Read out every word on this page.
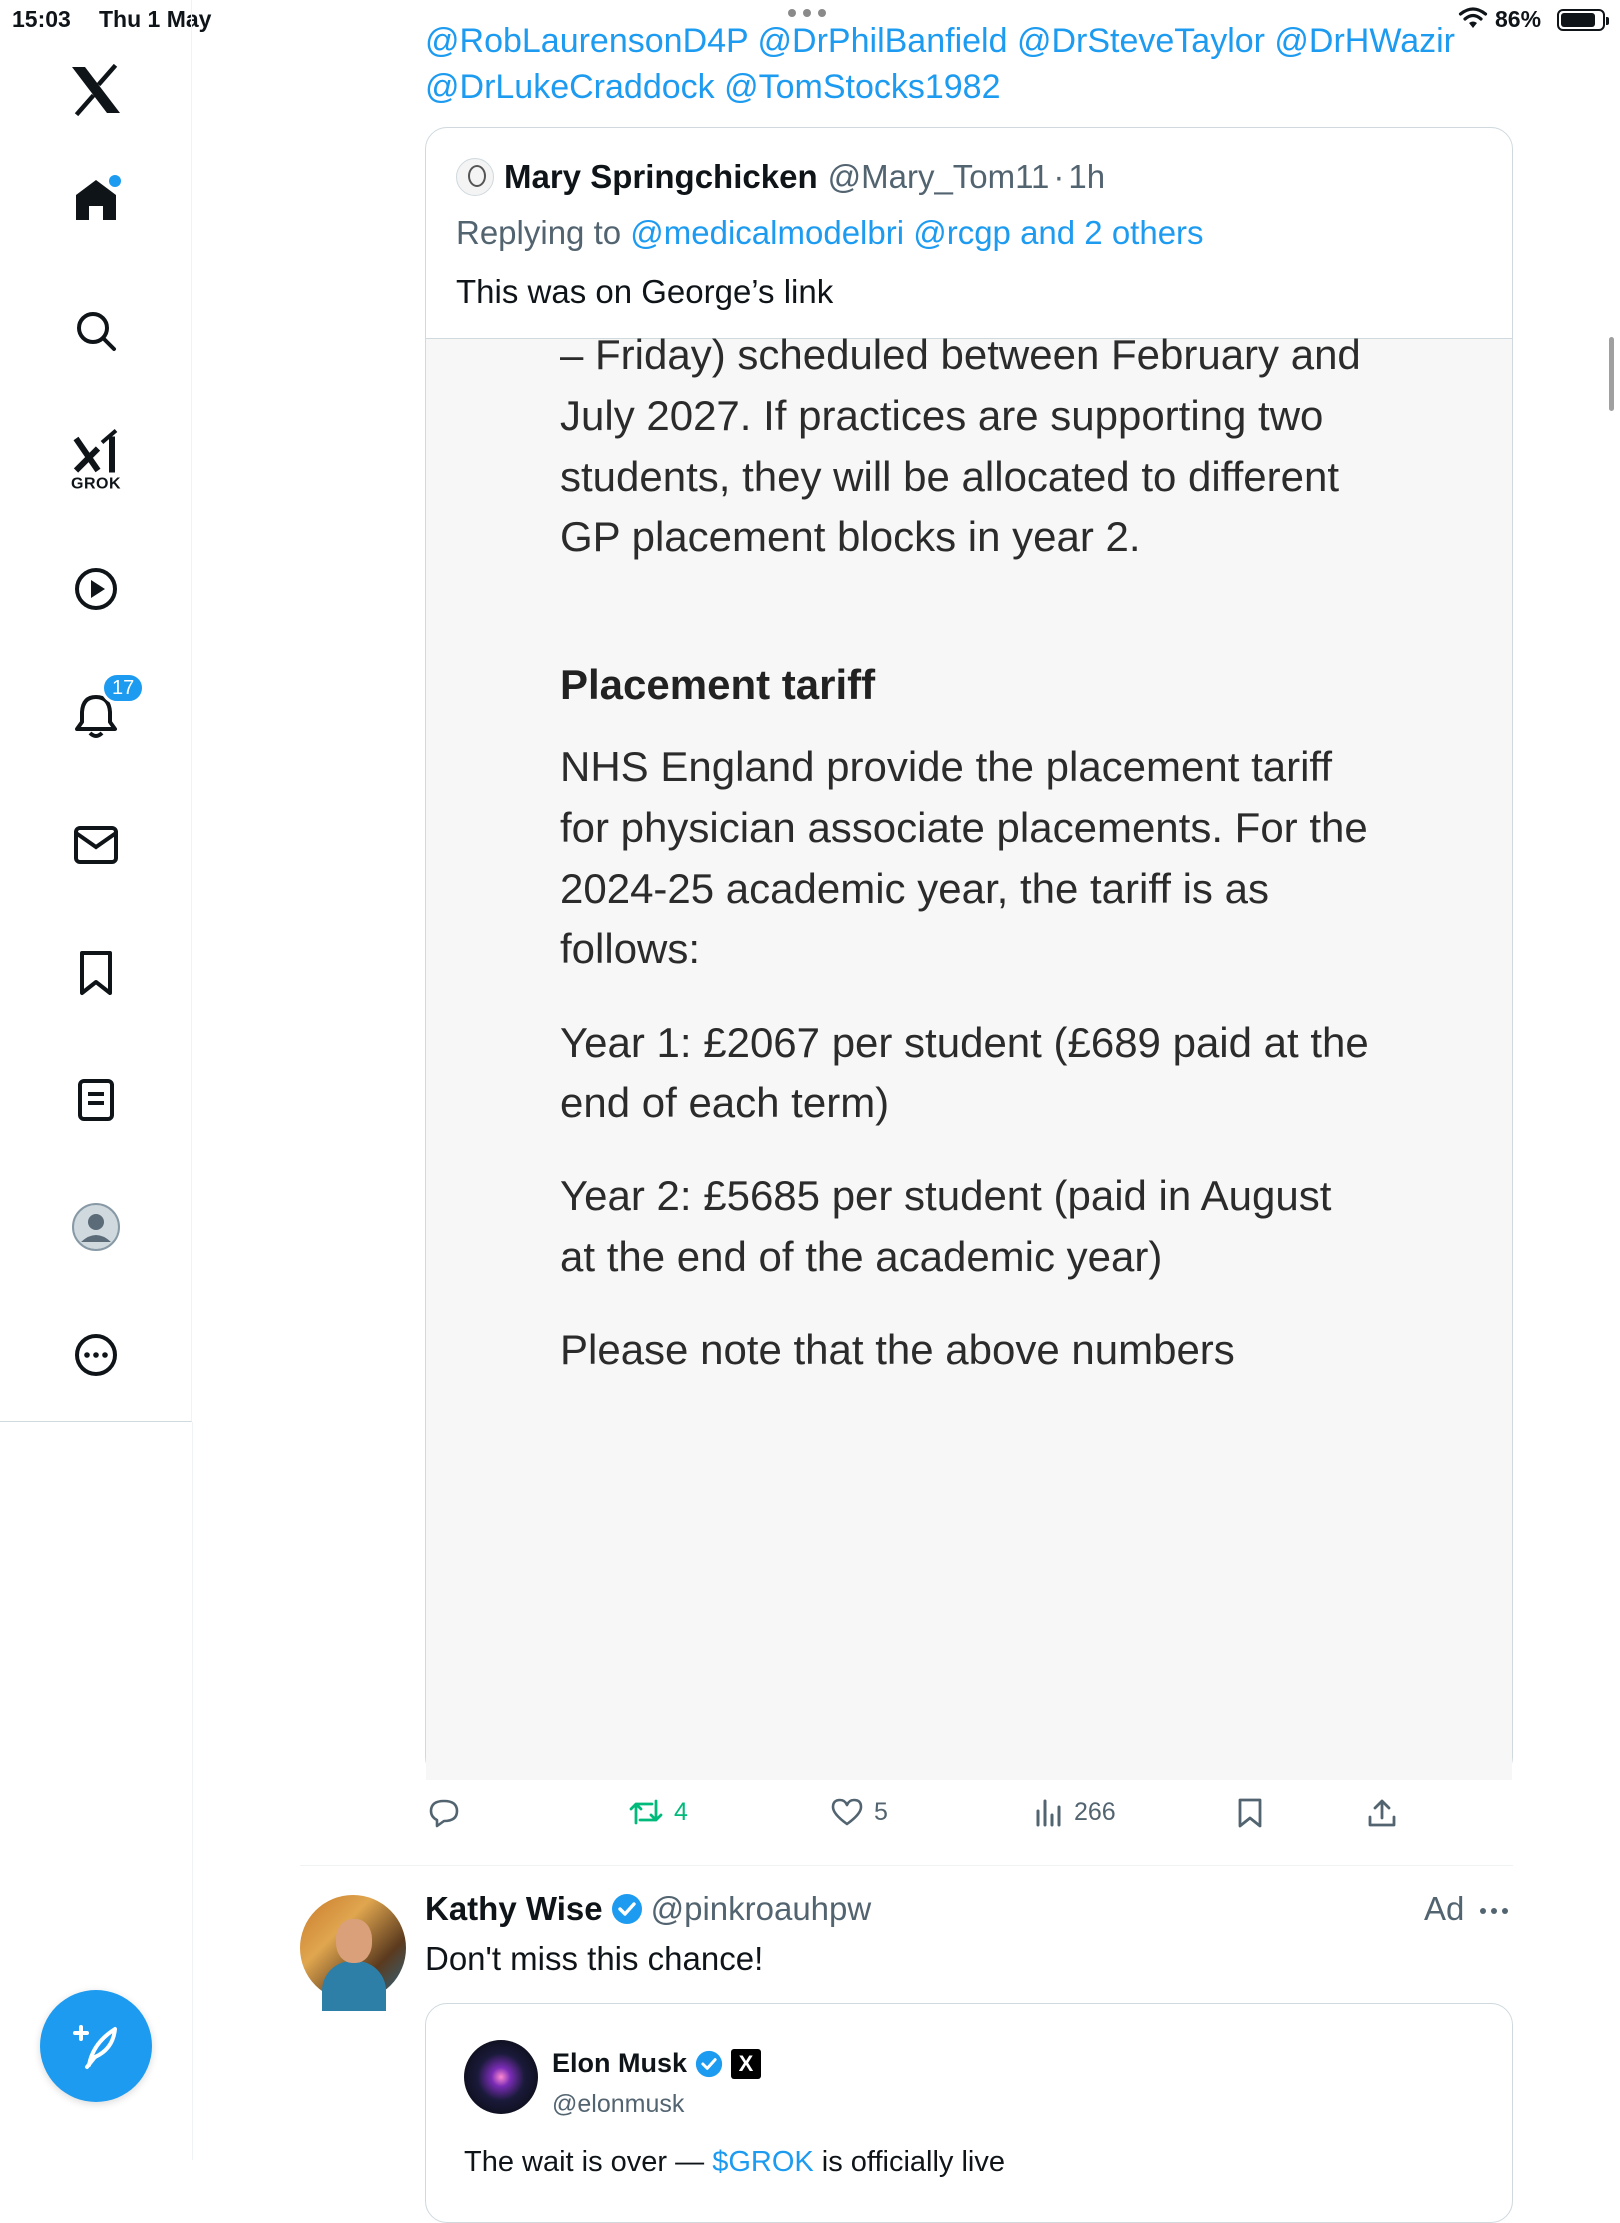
15:03 Thu 1 May	86%
GROK
17
@RobLaurensonD4P @DrPhilBanfield @DrSteveTaylor @DrHWazir
@DrLukeCraddock @TomStocks1982
Mary Springchicken @Mary_Tom11 · 1h
Replying to @medicalmodelbri @rcgp and 2 others
This was on George’s link
– Friday) scheduled between February and
July 2027. If practices are supporting two
students, they will be allocated to different
GP placement blocks in year 2.
Placement tariff
NHS England provide the placement tariff
for physician associate placements. For the
2024-25 academic year, the tariff is as
follows:
Year 1: £2067 per student (£689 paid at the
end of each term)
Year 2: £5685 per student (paid in August
at the end of the academic year)
Please note that the above numbers
4	5	266
Kathy Wise @pinkroauhpw	Ad
Don't miss this chance!
Elon Musk	X
@elonmusk
The wait is over — $GROK is officially live
